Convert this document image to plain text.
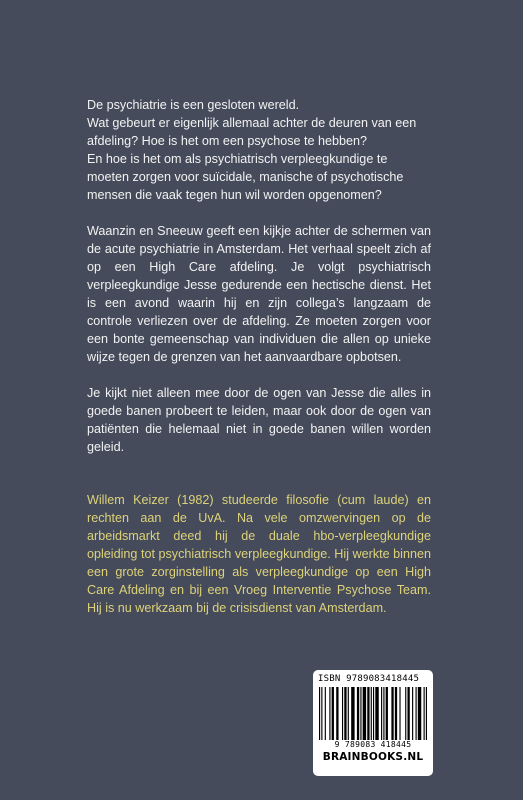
De psychiatrie is een gesloten wereld.

Wat gebeurt er eigenlijk allemaal achter de deuren van een afdeling? Hoe is het om een psychose te hebben?

En hoe is het om als psychiatrisch verpleegkundige te moeten zorgen voor suïcidale, manische of psychotische mensen die vaak tegen hun wil worden opgenomen?

Waanzin en Sneeuw geeft een kijkje achter de schermen van de acute psychiatrie in Amsterdam. Het verhaal speelt zich af op een High Care afdeling. Je volgt psychiatrisch verpleegkundige Jesse gedurende een hectische dienst. Het is een avond waarin hij en zijn collega’s langzaam de controle verliezen over de afdeling. Ze moeten zorgen voor een bonte gemeenschap van individuen die allen op unieke wijze tegen de grenzen van het aanvaardbare opbotsen.

Je kijkt niet alleen mee door de ogen van Jesse die alles in goede banen probeert te leiden, maar ook door de ogen van patiënten die helemaal niet in goede banen willen worden geleid.

Willem Keizer (1982) studeerde filosofie (cum laude) en rechten aan de UvA. Na vele omzwervingen op de arbeidsmarkt deed hij de duale hbo-verpleegkundige opleiding tot psychiatrisch verpleegkundige. Hij werkte binnen een grote zorginstelling als verpleegkundige op een High Care Afdeling en bij een Vroeg Interventie Psychose Team. Hij is nu werkzaam bij de crisisdienst van Amsterdam.
ISBN 9789083418445
9 789083 418445
BRAINBOOKS.NL
